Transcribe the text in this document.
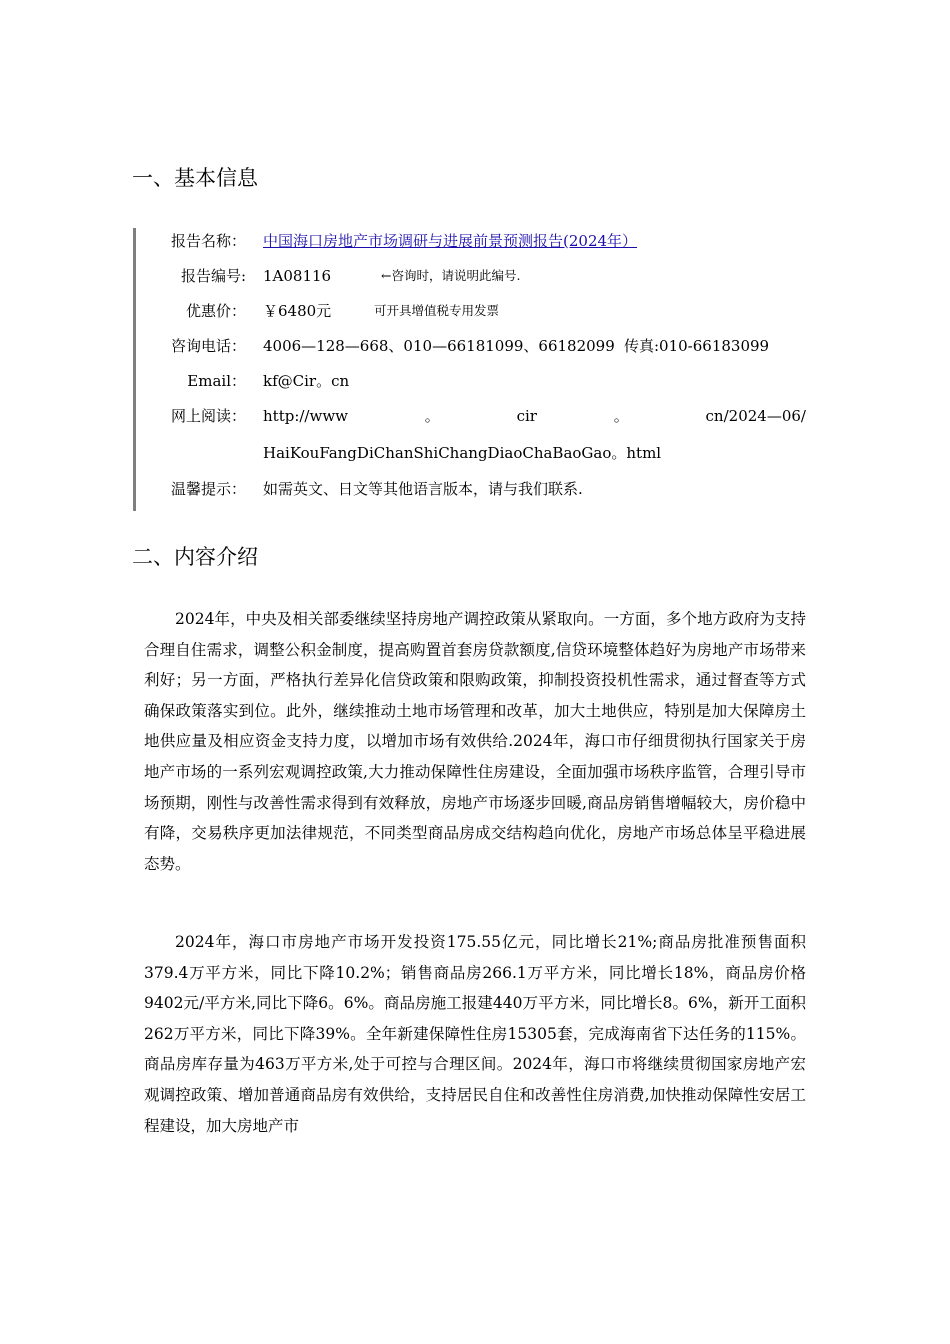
一、基本信息
报告名称： 中国海口房地产市场调研与进展前景预测报告(2024年）
报告编号: 1A08116	←咨询时，请说明此编号.
优惠价： ￥6480元	可开具增值税专用发票
咨询电话： 4006—128—668、010—66181099、66182099 传真:010-66183099
Email： kf@Cir。cn
网上阅读： http://www	。	cir	。	cn/2024—06/
HaiKouFangDiChanShiChangDiaoChaBaoGao。html
温馨提示： 如需英文、日文等其他语言版本，请与我们联系.
二、内容介绍

2024年，中央及相关部委继续坚持房地产调控政策从紧取向。一方面，多个地方政府为支持合理自住需求，调整公积金制度，提高购置首套房贷款额度,信贷环境整体趋好为房地产市场带来利好；另一方面，严格执行差异化信贷政策和限购政策，抑制投资投机性需求，通过督查等方式确保政策落实到位。此外，继续推动土地市场管理和改革，加大土地供应，特别是加大保障房土地供应量及相应资金支持力度，以增加市场有效供给.2024年，海口市仔细贯彻执行国家关于房地产市场的一系列宏观调控政策,大力推动保障性住房建设，全面加强市场秩序监管，合理引导市场预期，刚性与改善性需求得到有效释放，房地产市场逐步回暖,商品房销售增幅较大，房价稳中有降，交易秩序更加法律规范，不同类型商品房成交结构趋向优化，房地产市场总体呈平稳进展态势。

2024年，海口市房地产市场开发投资175.55亿元，同比增长21%;商品房批准预售面积379.4万平方米，同比下降10.2%；销售商品房266.1万平方米，同比增长18%，商品房价格9402元/平方米,同比下降6。6%。商品房施工报建440万平方米，同比增长8。6%，新开工面积262万平方米，同比下降39%。全年新建保障性住房15305套，完成海南省下达任务的115%。商品房库存量为463万平方米,处于可控与合理区间。2024年，海口市将继续贯彻国家房地产宏观调控政策、增加普通商品房有效供给，支持居民自住和改善性住房消费,加快推动保障性安居工程建设，加大房地产市
